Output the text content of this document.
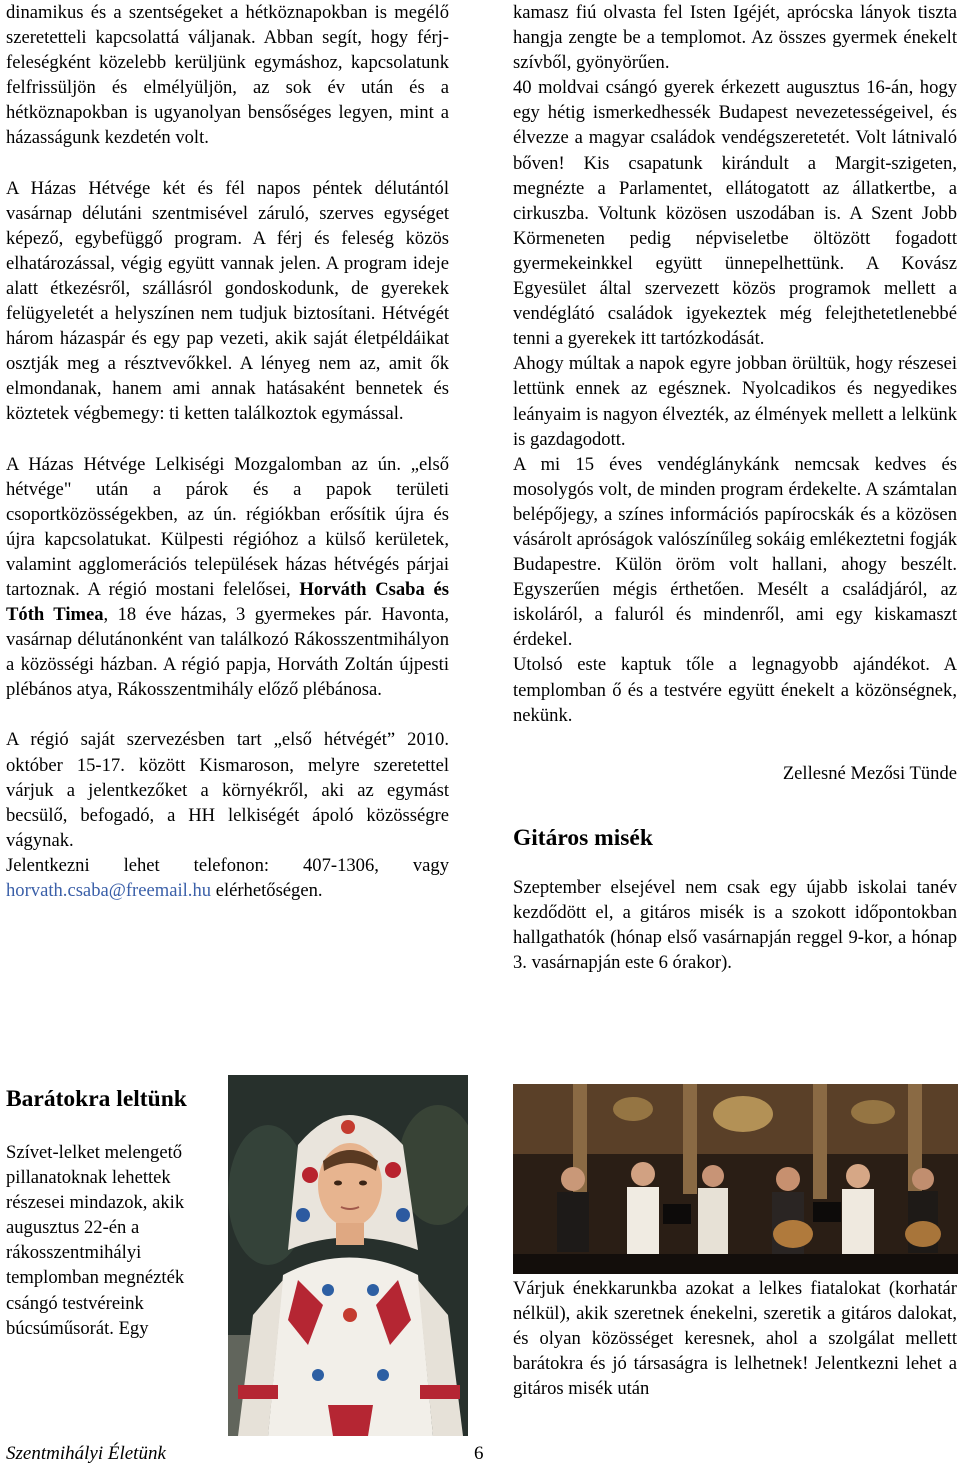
dinamikus és a szentségeket a hétköznapokban is megélő szeretetteli kapcsolattá váljanak. Abban segít, hogy férj-feleségként közelebb kerüljünk egymáshoz, kapcsolatunk felfrissüljön és elmélyüljön, az sok év után és a hétköznapokban is ugyanolyan bensőséges legyen, mint a házasságunk kezdetén volt.

A Házas Hétvége két és fél napos péntek délutántól vasárnap délutáni szentmisével záruló, szerves egységet képező, egybefüggő program. A férj és feleség közös elhatározással, végig együtt vannak jelen. A program ideje alatt étkezésről, szállásról gondoskodunk, de gyerekek felügyeletét a helyszínen nem tudjuk biztosítani. Hétvégét három házaspár és egy pap vezeti, akik saját életpéldáikat osztják meg a résztvevőkkel. A lényeg nem az, amit ők elmondanak, hanem ami annak hatásaként bennetek és köztetek végbemegy: ti ketten találkoztok egymással.

A Házas Hétvége Lelkiségi Mozgalomban az ún. „első hétvége" után a párok és a papok területi csoportközösségekben, az ún. régiókban erősítik újra és újra kapcsolatukat. Külpesti régióhoz a külső kerületek, valamint agglomerációs települések házas hétvégés párjai tartoznak. A régió mostani felelősei, Horváth Csaba és Tóth Timea, 18 éve házas, 3 gyermekes pár. Havonta, vasárnap délutánonként van találkozó Rákosszentmihályon a közösségi házban. A régió papja, Horváth Zoltán újpesti plébános atya, Rákosszentmihály előző plébánosa.

A régió saját szervezésben tart „első hétvégét” 2010. október 15-17. között Kismaroson, melyre szeretettel várjuk a jelentkezőket a környékről, aki az egymást becsülő, befogadó, a HH lelkiségét ápoló közösségre vágynak.

Jelentkezni lehet telefonon: 407-1306, vagy horvath.csaba@freemail.hu elérhetőségen.

Barátokra leltünk

Szívet-lelket melengető pillanatoknak lehettek részesei mindazok, akik augusztus 22-én a rákosszentmihályi templomban megnézték csángó testvéreink búcsúműsorát. Egy

kamasz fiú olvasta fel Isten Igéjét, aprócska lányok tiszta hangja zengte be a templomot. Az összes gyermek énekelt szívből, gyönyörűen.

40 moldvai csángó gyerek érkezett augusztus 16-án, hogy egy hétig ismerkedhessék Budapest nevezetességeivel, és élvezze a magyar családok vendégszeretetét. Volt látnivaló bőven! Kis csapatunk kirándult a Margit-szigeten, megnézte a Parlamentet, ellátogatott az állatkertbe, a cirkuszba. Voltunk közösen uszodában is. A Szent Jobb Körmeneten pedig népviseletbe öltözött fogadott gyermekeinkkel együtt ünnepelhettünk. A Kovász Egyesület által szervezett közös programok mellett a vendéglátó családok igyekeztek még felejthetetlenebbé tenni a gyerekek itt tartózkodását.

Ahogy múltak a napok egyre jobban örültük, hogy részesei lettünk ennek az egésznek. Nyolcadikos és negyedikes leányaim is nagyon élvezték, az élmények mellett a lelkünk is gazdagodott.

A mi 15 éves vendéglánykánk nemcsak kedves és mosolygós volt, de minden program érdekelte. A számtalan belépőjegy, a színes információs papírocskák és a közösen vásárolt apróságok valószínűleg sokáig emlékeztetni fogják Budapestre. Külön öröm volt hallani, ahogy beszélt. Egyszerűen mégis érthetően. Mesélt a családjáról, az iskoláról, a faluról és mindenről, ami egy kiskamaszt érdekel.

Utolsó este kaptuk tőle a legnagyobb ajándékot. A templomban ő és a testvére együtt énekelt a közönségnek, nekünk.

Zellesné Mezősi Tünde

Gitáros misék

Szeptember elsejével nem csak egy újabb iskolai tanév kezdődött el, a gitáros misék is a szokott időpontokban hallgathatók (hónap első vasárnapján reggel 9-kor, a hónap 3. vasárnapján este 6 órakor).

Várjuk énekkarunkba azokat a lelkes fiatalokat (korhatár nélkül), akik szeretnek énekelni, szeretik a gitáros dalokat, és olyan közösséget keresnek, ahol a szolgálat mellett barátokra és jó társaságra is lelhetnek! Jelentkezni lehet a gitáros misék után

Szentmihályi Életünk	6
